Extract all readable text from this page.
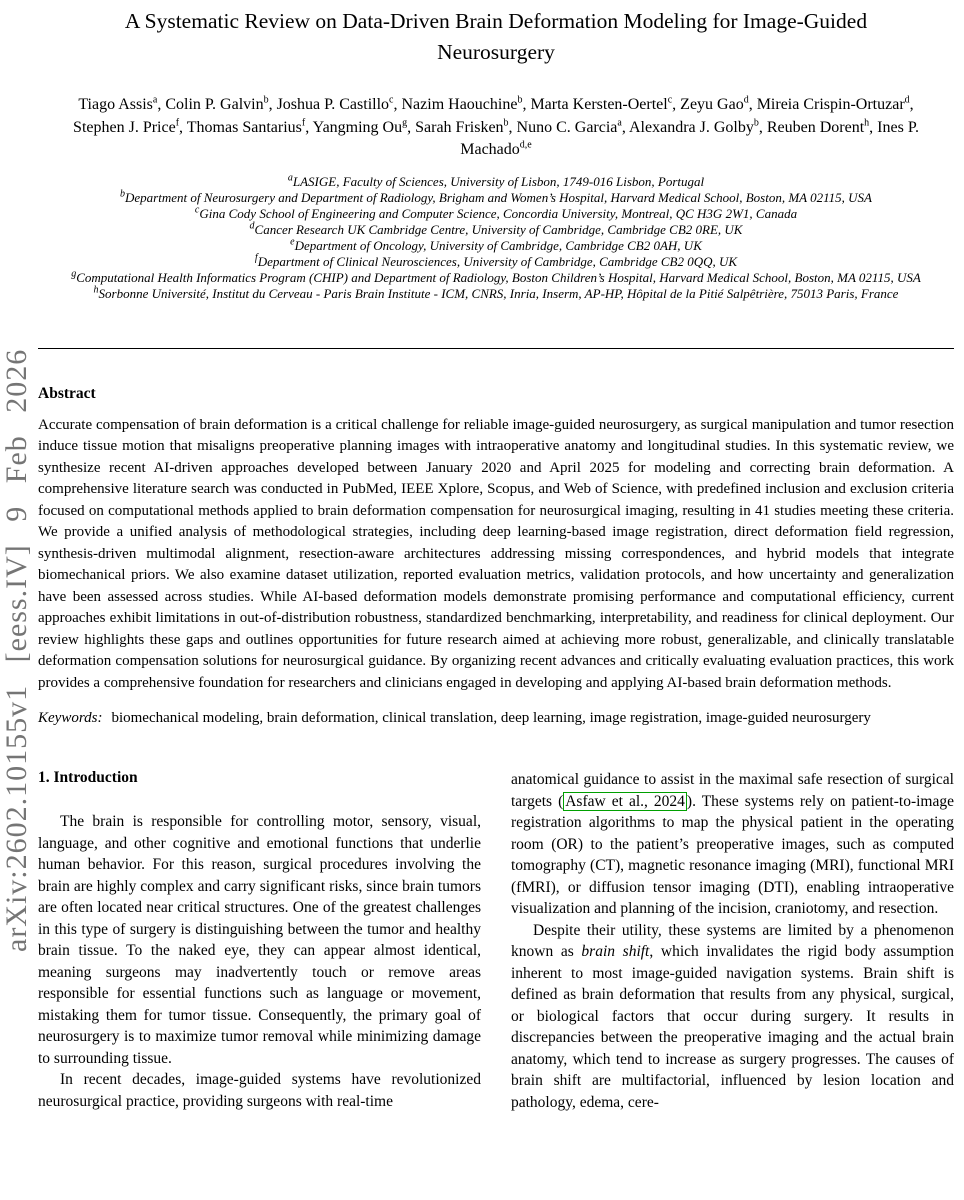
arXiv:2602.10155v1 [eess.IV] 9 Feb 2026
A Systematic Review on Data-Driven Brain Deformation Modeling for Image-Guided Neurosurgery
Tiago Assis$^a$, Colin P. Galvin$^b$, Joshua P. Castillo$^c$, Nazim Haouchine$^b$, Marta Kersten-Oertel$^c$, Zeyu Gao$^d$, Mireia Crispin-Ortuzar$^d$, Stephen J. Price$^f$, Thomas Santarius$^f$, Yangming Ou$^g$, Sarah Frisken$^b$, Nuno C. Garcia$^a$, Alexandra J. Golby$^b$, Reuben Dorent$^h$, Ines P. Machado$^{d,e}$
$^a$LASIGE, Faculty of Sciences, University of Lisbon, 1749-016 Lisbon, Portugal
$^b$Department of Neurosurgery and Department of Radiology, Brigham and Women’s Hospital, Harvard Medical School, Boston, MA 02115, USA
$^c$Gina Cody School of Engineering and Computer Science, Concordia University, Montreal, QC H3G 2W1, Canada
$^d$Cancer Research UK Cambridge Centre, University of Cambridge, Cambridge CB2 0RE, UK
$^e$Department of Oncology, University of Cambridge, Cambridge CB2 0AH, UK
$^f$Department of Clinical Neurosciences, University of Cambridge, Cambridge CB2 0QQ, UK
$^g$Computational Health Informatics Program (CHIP) and Department of Radiology, Boston Children’s Hospital, Harvard Medical School, Boston, MA 02115, USA
$^h$Sorbonne Université, Institut du Cerveau - Paris Brain Institute - ICM, CNRS, Inria, Inserm, AP-HP, Hôpital de la Pitié Salpêtrière, 75013 Paris, France
Abstract

Accurate compensation of brain deformation is a critical challenge for reliable image-guided neurosurgery, as surgical manipulation and tumor resection induce tissue motion that misaligns preoperative planning images with intraoperative anatomy and longitudinal studies. In this systematic review, we synthesize recent AI-driven approaches developed between January 2020 and April 2025 for modeling and correcting brain deformation. A comprehensive literature search was conducted in PubMed, IEEE Xplore, Scopus, and Web of Science, with predefined inclusion and exclusion criteria focused on computational methods applied to brain deformation compensation for neurosurgical imaging, resulting in 41 studies meeting these criteria. We provide a unified analysis of methodological strategies, including deep learning-based image registration, direct deformation field regression, synthesis-driven multimodal alignment, resection-aware architectures addressing missing correspondences, and hybrid models that integrate biomechanical priors. We also examine dataset utilization, reported evaluation metrics, validation protocols, and how uncertainty and generalization have been assessed across studies. While AI-based deformation models demonstrate promising performance and computational efficiency, current approaches exhibit limitations in out-of-distribution robustness, standardized benchmarking, interpretability, and readiness for clinical deployment. Our review highlights these gaps and outlines opportunities for future research aimed at achieving more robust, generalizable, and clinically translatable deformation compensation solutions for neurosurgical guidance. By organizing recent advances and critically evaluating evaluation practices, this work provides a comprehensive foundation for researchers and clinicians engaged in developing and applying AI-based brain deformation methods.

Keywords: biomechanical modeling, brain deformation, clinical translation, deep learning, image registration, image-guided neurosurgery

1. Introduction

The brain is responsible for controlling motor, sensory, visual, language, and other cognitive and emotional functions that underlie human behavior. For this reason, surgical procedures involving the brain are highly complex and carry significant risks, since brain tumors are often located near critical structures. One of the greatest challenges in this type of surgery is distinguishing between the tumor and healthy brain tissue. To the naked eye, they can appear almost identical, meaning surgeons may inadvertently touch or remove areas responsible for essential functions such as language or movement, mistaking them for tumor tissue. Consequently, the primary goal of neurosurgery is to maximize tumor removal while minimizing damage to surrounding tissue.

In recent decades, image-guided systems have revolutionized neurosurgical practice, providing surgeons with real-time

anatomical guidance to assist in the maximal safe resection of surgical targets ( Asfaw et al., 2024 ). These systems rely on patient-to-image registration algorithms to map the physical patient in the operating room (OR) to the patient’s preoperative images, such as computed tomography (CT), magnetic resonance imaging (MRI), functional MRI (fMRI), or diffusion tensor imaging (DTI), enabling intraoperative visualization and planning of the incision, craniotomy, and resection.

Despite their utility, these systems are limited by a phenomenon known as brain shift, which invalidates the rigid body assumption inherent to most image-guided navigation systems. Brain shift is defined as brain deformation that results from any physical, surgical, or biological factors that occur during surgery. It results in discrepancies between the preoperative imaging and the actual brain anatomy, which tend to increase as surgery progresses. The causes of brain shift are multifactorial, influenced by lesion location and pathology, edema, cere-
